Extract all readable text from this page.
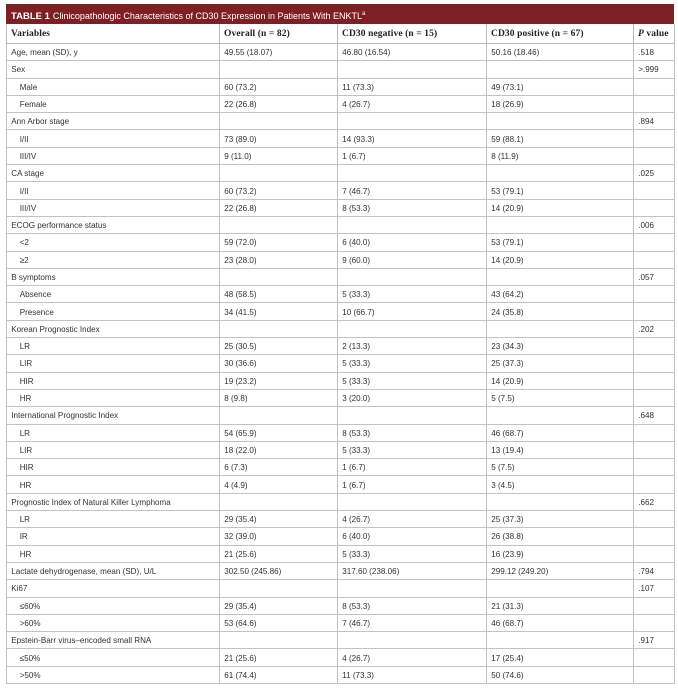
TABLE 1 Clinicopathologic Characteristics of CD30 Expression in Patients With ENKTL$^a$
Variables	Overall (n = 82)	CD30 negative (n = 15)	CD30 positive (n = 67)	P value
Age, mean (SD), y	49.55 (18.07)	46.80 (16.54)	50.16 (18.46)	.518
Sex				>.999
Male	60 (73.2)	11 (73.3)	49 (73.1)	
Female	22 (26.8)	4 (26.7)	18 (26.9)	
Ann Arbor stage				.894
I/II	73 (89.0)	14 (93.3)	59 (88.1)	
III/IV	9 (11.0)	1 (6.7)	8 (11.9)	
CA stage				.025
I/II	60 (73.2)	7 (46.7)	53 (79.1)	
III/IV	22 (26.8)	8 (53.3)	14 (20.9)	
ECOG performance status				.006
<2	59 (72.0)	6 (40.0)	53 (79.1)	
≥2	23 (28.0)	9 (60.0)	14 (20.9)	
B symptoms				.057
Absence	48 (58.5)	5 (33.3)	43 (64.2)	
Presence	34 (41.5)	10 (66.7)	24 (35.8)	
Korean Prognostic Index				.202
LR	25 (30.5)	2 (13.3)	23 (34.3)	
LIR	30 (36.6)	5 (33.3)	25 (37.3)	
HIR	19 (23.2)	5 (33.3)	14 (20.9)	
HR	8 (9.8)	3 (20.0)	5 (7.5)	
International Prognostic Index				.648
LR	54 (65.9)	8 (53.3)	46 (68.7)	
LIR	18 (22.0)	5 (33.3)	13 (19.4)	
HIR	6 (7.3)	1 (6.7)	5 (7.5)	
HR	4 (4.9)	1 (6.7)	3 (4.5)	
Prognostic Index of Natural Killer Lymphoma				.662
LR	29 (35.4)	4 (26.7)	25 (37.3)	
IR	32 (39.0)	6 (40.0)	26 (38.8)	
HR	21 (25.6)	5 (33.3)	16 (23.9)	
Lactate dehydrogenase, mean (SD), U/L	302.50 (245.86)	317.60 (238.06)	299.12 (249.20)	.794
Ki67				.107
≤60%	29 (35.4)	8 (53.3)	21 (31.3)	
>60%	53 (64.6)	7 (46.7)	46 (68.7)	
Epstein-Barr virus–encoded small RNA				.917
≤50%	21 (25.6)	4 (26.7)	17 (25.4)	
>50%	61 (74.4)	11 (73.3)	50 (74.6)	
